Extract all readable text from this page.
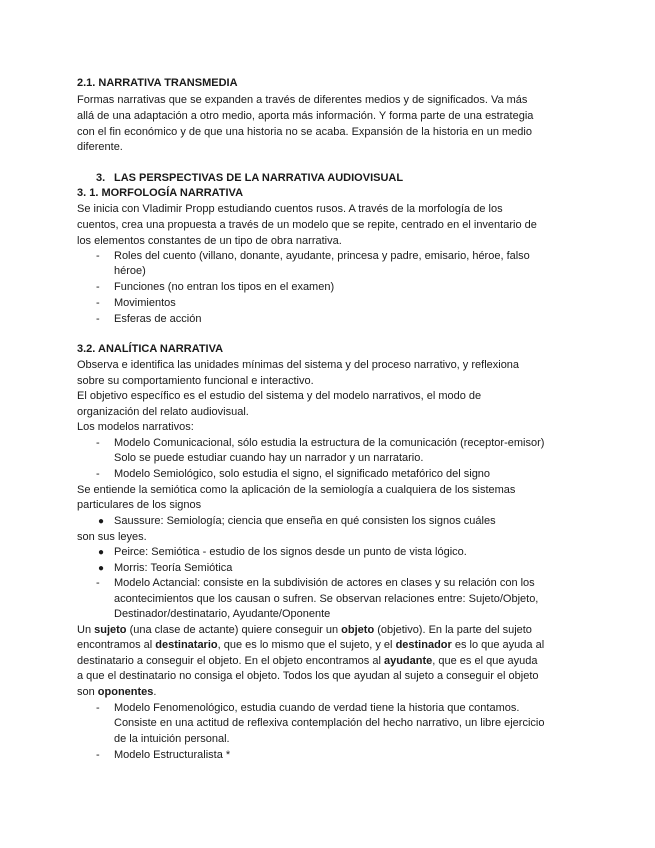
2.1. NARRATIVA TRANSMEDIA
Formas narrativas que se expanden a través de diferentes medios y de significados. Va más
allá de una adaptación a otro medio, aporta más información. Y forma parte de una estrategia
con el fin económico y de que una historia no se acaba. Expansión de la historia en un medio
diferente.
3. LAS PERSPECTIVAS DE LA NARRATIVA AUDIOVISUAL
3. 1. MORFOLOGÍA NARRATIVA
Se inicia con Vladimir Propp estudiando cuentos rusos. A través de la morfología de los
cuentos, crea una propuesta a través de un modelo que se repite, centrado en el inventario de
los elementos constantes de un tipo de obra narrativa.
- Roles del cuento (villano, donante, ayudante, princesa y padre, emisario, héroe, falso
héroe)
- Funciones (no entran los tipos en el examen)
- Movimientos
- Esferas de acción
3.2. ANALÍTICA NARRATIVA
Observa e identifica las unidades mínimas del sistema y del proceso narrativo, y reflexiona
sobre su comportamiento funcional e interactivo.
El objetivo específico es el estudio del sistema y del modelo narrativos, el modo de
organización del relato audiovisual.
Los modelos narrativos:
- Modelo Comunicacional, sólo estudia la estructura de la comunicación (receptor-emisor)
Solo se puede estudiar cuando hay un narrador y un narratario.
- Modelo Semiológico, solo estudia el signo, el significado metafórico del signo
Se entiende la semiótica como la aplicación de la semiología a cualquiera de los sistemas
particulares de los signos
● Saussure: Semiología; ciencia que enseña en qué consisten los signos cuáles
son sus leyes.
● Peirce: Semiótica - estudio de los signos desde un punto de vista lógico.
● Morris: Teoría Semiótica
- Modelo Actancial: consiste en la subdivisión de actores en clases y su relación con los
acontecimientos que los causan o sufren. Se observan relaciones entre: Sujeto/Objeto,
Destinador/destinatario, Ayudante/Oponente
Un sujeto (una clase de actante) quiere conseguir un objeto (objetivo). En la parte del sujeto
encontramos al destinatario, que es lo mismo que el sujeto, y el destinador es lo que ayuda al
destinatario a conseguir el objeto. En el objeto encontramos al ayudante, que es el que ayuda
a que el destinatario no consiga el objeto. Todos los que ayudan al sujeto a conseguir el objeto
son oponentes.
- Modelo Fenomenológico, estudia cuando de verdad tiene la historia que contamos.
Consiste en una actitud de reflexiva contemplación del hecho narrativo, un libre ejercicio
de la intuición personal.
- Modelo Estructuralista *
